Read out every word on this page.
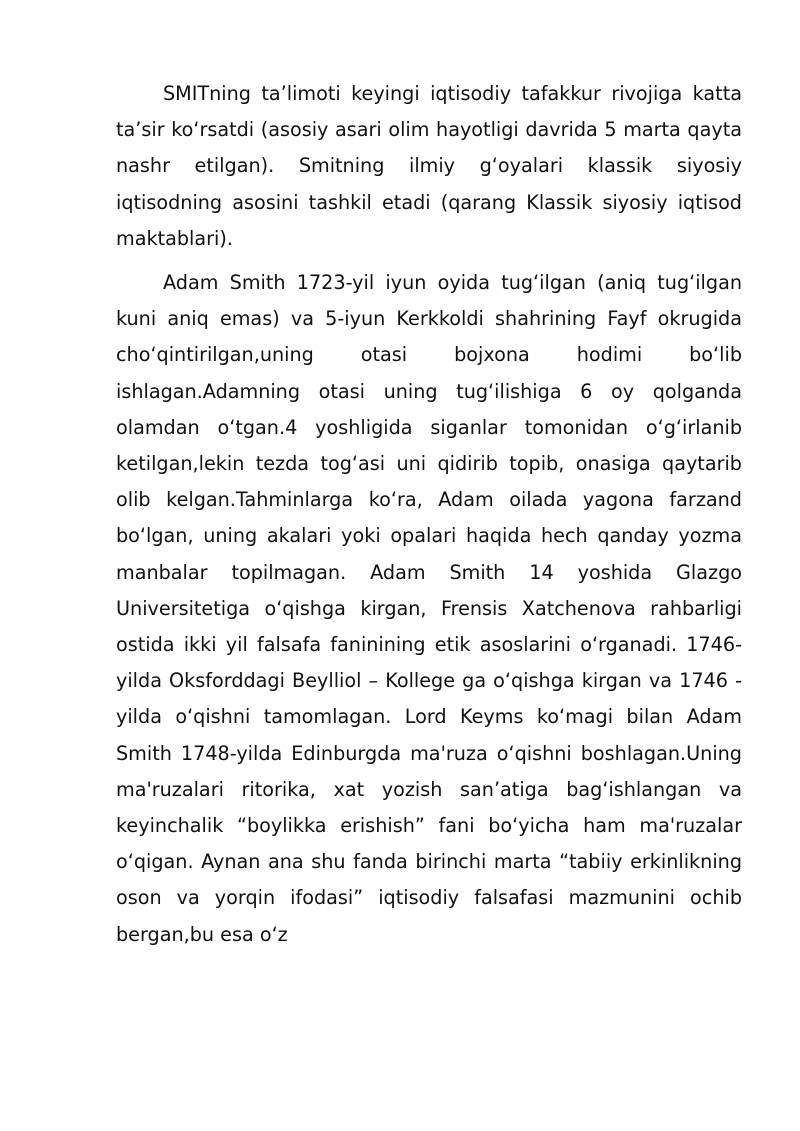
SMITning ta’limoti keyingi iqtisodiy tafakkur rivojiga katta ta’sir ko‘rsatdi (asosiy asari olim hayotligi davrida 5 marta qayta nashr etilgan). Smitning ilmiy g‘oyalari klassik siyosiy iqtisodning asosini tashkil etadi (qarang Klassik siyosiy iqtisod maktablari).

Adam Smith 1723-yil iyun oyida tug‘ilgan (aniq tug‘ilgan kuni aniq emas) va 5-iyun Kerkkoldi shahrining Fayf okrugida cho‘qintirilgan,uning otasi bojxona hodimi bo‘lib ishlagan.Adamning otasi uning tug‘ilishiga 6 oy qolganda olamdan o‘tgan.4 yoshligida siganlar tomonidan o‘g‘irlanib ketilgan,lekin tezda tog‘asi uni qidirib topib, onasiga qaytarib olib kelgan.Tahminlarga ko‘ra, Adam oilada yagona farzand bo‘lgan, uning akalari yoki opalari haqida hech qanday yozma manbalar topilmagan. Adam Smith 14 yoshida Glazgo Universitetiga o‘qishga kirgan, Frensis Xatchenova rahbarligi ostida ikki yil falsafa faninining etik asoslarini o‘rganadi. 1746-yilda Oksforddagi Beylliol – Kollege ga o‘qishga kirgan va 1746 -yilda o‘qishni tamomlagan. Lord Keyms ko‘magi bilan Adam Smith 1748-yilda Edinburgda ma'ruza o‘qishni boshlagan.Uning ma'ruzalari ritorika, xat yozish san’atiga bag‘ishlangan va keyinchalik “boylikka erishish” fani bo‘yicha ham ma'ruzalar o‘qigan. Aynan ana shu fanda birinchi marta “tabiiy erkinlikning oson va yorqin ifodasi” iqtisodiy falsafasi mazmunini ochib bergan,bu esa o‘z
